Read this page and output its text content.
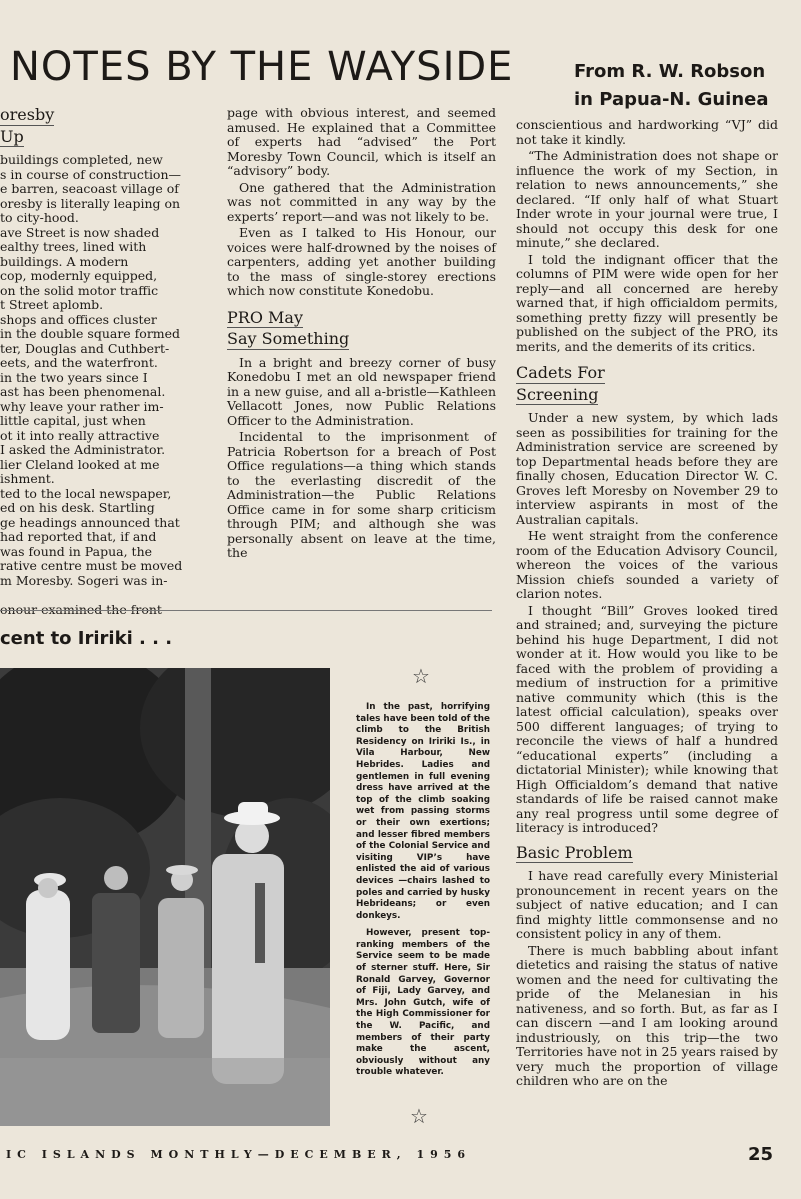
NOTES BY THE WAYSIDE	From R. W. Robson
in Papua-N. Guinea
oresby
Up
buildings completed, new
s in course of construction—
e barren, seacoast village of
oresby is literally leaping on
to city-hood.
ave Street is now shaded
ealthy trees, lined with
buildings. A modern
cop, modernly equipped,
on the solid motor traffic
t Street aplomb.
shops and offices cluster
in the double square formed
ter, Douglas and Cuthbert-
eets, and the waterfront.
in the two years since I
ast has been phenomenal.
why leave your rather im-
little capital, just when
ot it into really attractive
I asked the Administrator.
lier Cleland looked at me
ishment.
ted to the local newspaper,
ed on his desk. Startling
ge headings announced that
had reported that, if and
was found in Papua, the
rative centre must be moved
m Moresby. Sogeri was in-
onour examined the front

page with obvious interest, and seemed amused. He explained that a Committee of experts had “advised” the Port Moresby Town Council, which is itself an “advisory” body.

One gathered that the Administration was not committed in any way by the experts’ report—and was not likely to be.

Even as I talked to His Honour, our voices were half-drowned by the noises of carpenters, adding yet another building to the mass of single-storey erections which now constitute Konedobu.

PRO May
Say Something

In a bright and breezy corner of busy Konedobu I met an old newspaper friend in a new guise, and all a-bristle—Kathleen Vellacott Jones, now Public Relations Officer to the Administration.

Incidental to the imprisonment of Patricia Robertson for a breach of Post Office regulations—a thing which stands to the everlasting discredit of the Administration—the Public Relations Office came in for some sharp criticism through PIM; and although she was personally absent on leave at the time, the

conscientious and hardworking “VJ” did not take it kindly.

“The Administration does not shape or influence the work of my Section, in relation to news announcements,” she declared. “If only half of what Stuart Inder wrote in your journal were true, I should not occupy this desk for one minute,” she declared.

I told the indignant officer that the columns of PIM were wide open for her reply—and all concerned are hereby warned that, if high officialdom permits, something pretty fizzy will presently be published on the subject of the PRO, its merits, and the demerits of its critics.

Cadets For
Screening

Under a new system, by which lads seen as possibilities for training for the Administration service are screened by top Departmental heads before they are finally chosen, Education Director W. C. Groves left Moresby on November 29 to interview aspirants in most of the Australian capitals.

He went straight from the conference room of the Education Advisory Council, whereon the voices of the various Mission chiefs sounded a variety of clarion notes.

I thought “Bill” Groves looked tired and strained; and, surveying the picture behind his huge Department, I did not wonder at it. How would you like to be faced with the problem of providing a medium of instruction for a primitive native community which (this is the latest official calculation), speaks over 500 different languages; of trying to reconcile the views of half a hundred “educational experts” (including a dictatorial Minister); while knowing that High Officialdom’s demand that native standards of life be raised cannot make any real progress until some degree of literacy is introduced?

Basic Problem

I have read carefully every Ministerial pronouncement in recent years on the subject of native education; and I can find mighty little commonsense and no consistent policy in any of them.

There is much babbling about infant dietetics and raising the status of native women and the need for cultivating the pride of the Melanesian in his nativeness, and so forth. But, as far as I can discern —and I am looking around industriously, on this trip—the two Territories have not in 25 years raised by very much the proportion of village children who are on the

cent to Iririki . . .
☆

In the past, horrifying tales have been told of the climb to the British Residency on Iririki Is., in Vila Harbour, New Hebrides. Ladies and gentlemen in full evening dress have arrived at the top of the climb soaking wet from passing storms or their own exertions; and lesser fibred members of the Colonial Service and visiting VIP’s have enlisted the aid of various devices —chairs lashed to poles and carried by husky Hebrideans; or even donkeys.

However, present top-ranking members of the Service seem to be made of sterner stuff. Here, Sir Ronald Garvey, Governor of Fiji, Lady Garvey, and Mrs. John Gutch, wife of the High Commissioner for the W. Pacific, and members of their party make the ascent, obviously without any trouble whatever.

☆
IC ISLANDS MONTHLY—DECEMBER, 1956	25
